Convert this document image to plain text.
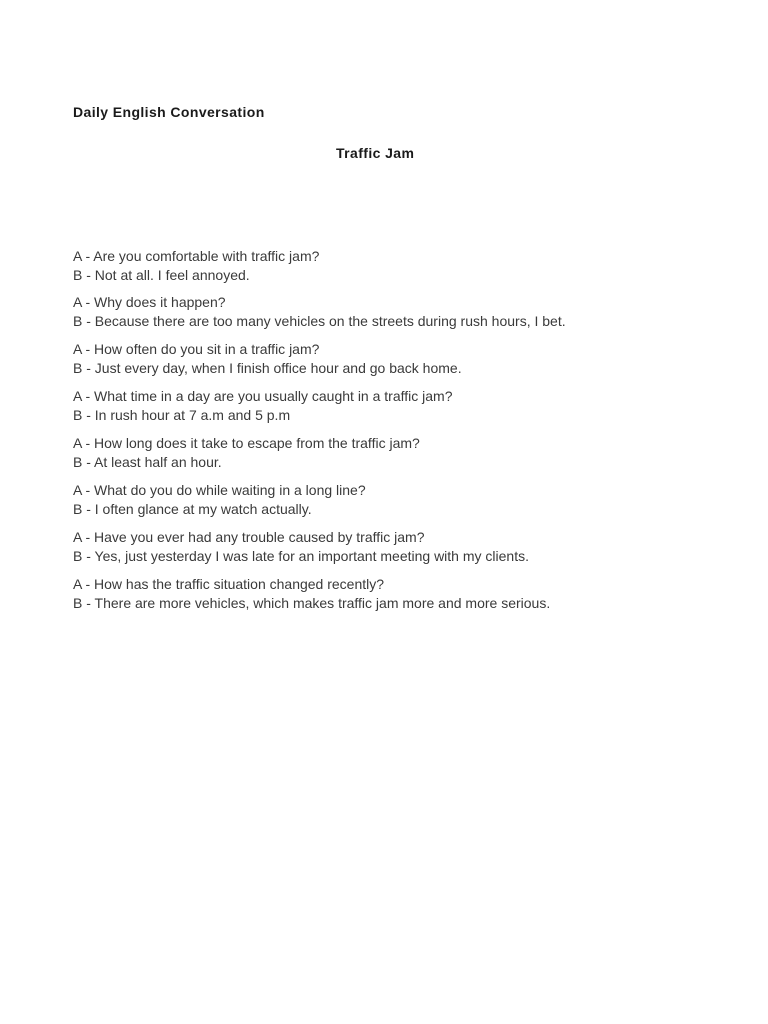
Daily English Conversation
Traffic Jam
A - Are you comfortable with traffic jam?
B - Not at all. I feel annoyed.
A - Why does it happen?
B - Because there are too many vehicles on the streets during rush hours, I bet.
A - How often do you sit in a traffic jam?
B - Just every day, when I finish office hour and go back home.
A - What time in a day are you usually caught in a traffic jam?
B - In rush hour at 7 a.m and 5 p.m
A - How long does it take to escape from the traffic jam?
B - At least half an hour.
A - What do you do while waiting in a long line?
B - I often glance at my watch actually.
A - Have you ever had any trouble caused by traffic jam?
B - Yes, just yesterday I was late for an important meeting with my clients.
A - How has the traffic situation changed recently?
B - There are more vehicles, which makes traffic jam more and more serious.
